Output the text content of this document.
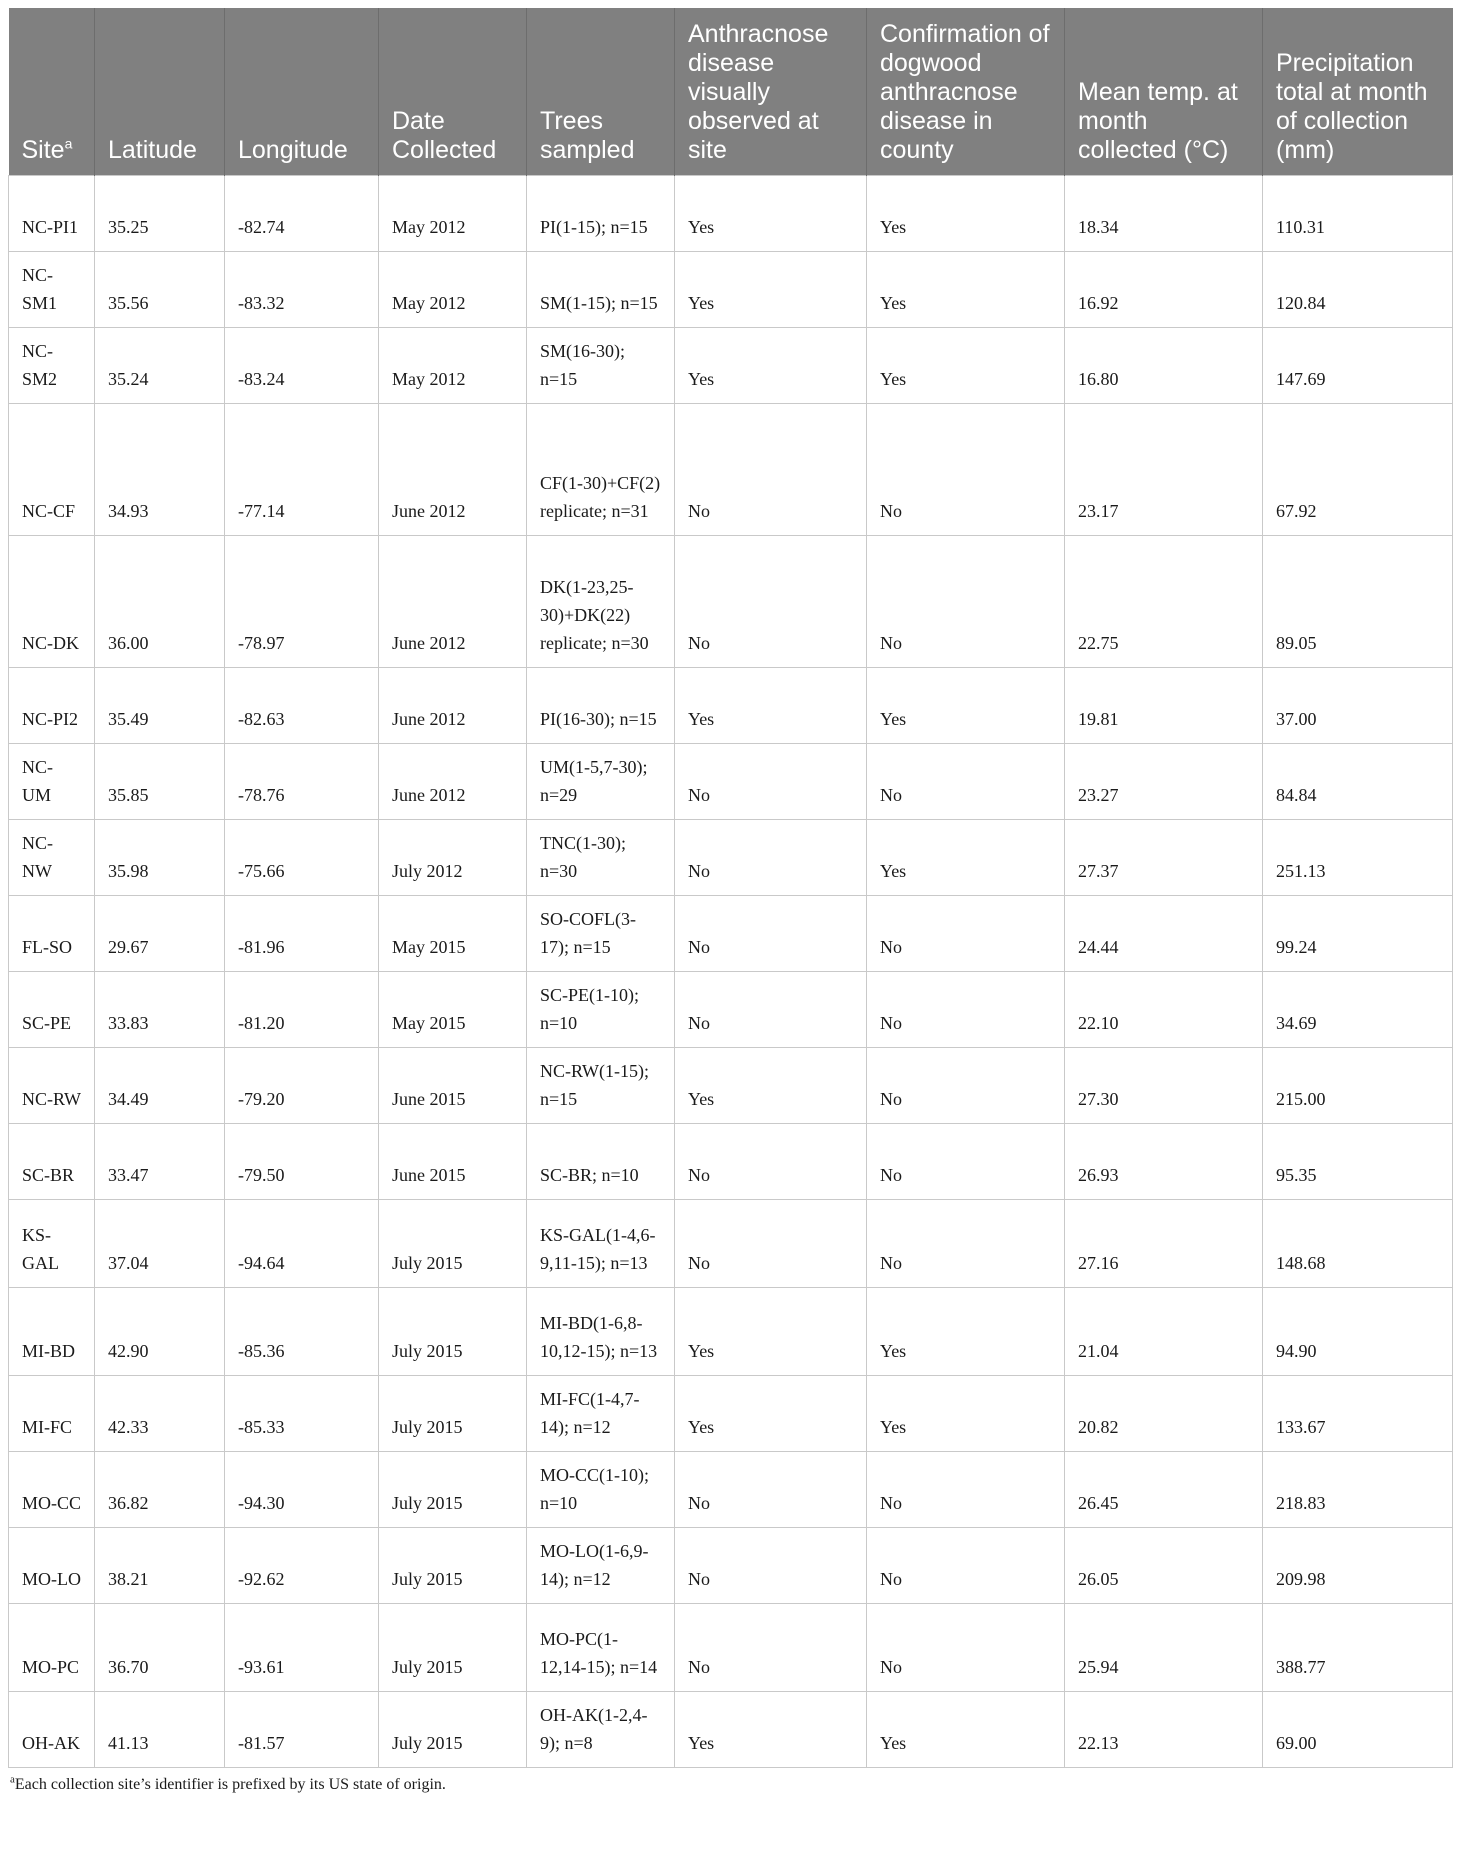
Site$^a$	Latitude	Longitude	Date Collected	Trees sampled	Anthracnose disease visually observed at site	Confirmation of dogwood anthracnose disease in county	Mean temp. at month collected (°C)	Precipitation total at month of collection (mm)
NC-PI1	35.25	-82.74	May 2012	PI(1-15); n=15	Yes	Yes	18.34	110.31
NC-SM1	35.56	-83.32	May 2012	SM(1-15); n=15	Yes	Yes	16.92	120.84
NC-SM2	35.24	-83.24	May 2012	SM(16-30); n=15	Yes	Yes	16.80	147.69
NC-CF	34.93	-77.14	June 2012	CF(1-30)+CF(2) replicate; n=31	No	No	23.17	67.92
NC-DK	36.00	-78.97	June 2012	DK(1-23,25-30)+DK(22) replicate; n=30	No	No	22.75	89.05
NC-PI2	35.49	-82.63	June 2012	PI(16-30); n=15	Yes	Yes	19.81	37.00
NC-UM	35.85	-78.76	June 2012	UM(1-5,7-30); n=29	No	No	23.27	84.84
NC-NW	35.98	-75.66	July 2012	TNC(1-30); n=30	No	Yes	27.37	251.13
FL-SO	29.67	-81.96	May 2015	SO-COFL(3-17); n=15	No	No	24.44	99.24
SC-PE	33.83	-81.20	May 2015	SC-PE(1-10); n=10	No	No	22.10	34.69
NC-RW	34.49	-79.20	June 2015	NC-RW(1-15); n=15	Yes	No	27.30	215.00
SC-BR	33.47	-79.50	June 2015	SC-BR; n=10	No	No	26.93	95.35
KS-GAL	37.04	-94.64	July 2015	KS-GAL(1-4,6-9,11-15); n=13	No	No	27.16	148.68
MI-BD	42.90	-85.36	July 2015	MI-BD(1-6,8-10,12-15); n=13	Yes	Yes	21.04	94.90
MI-FC	42.33	-85.33	July 2015	MI-FC(1-4,7-14); n=12	Yes	Yes	20.82	133.67
MO-CC	36.82	-94.30	July 2015	MO-CC(1-10); n=10	No	No	26.45	218.83
MO-LO	38.21	-92.62	July 2015	MO-LO(1-6,9-14); n=12	No	No	26.05	209.98
MO-PC	36.70	-93.61	July 2015	MO-PC(1-12,14-15); n=14	No	No	25.94	388.77
OH-AK	41.13	-81.57	July 2015	OH-AK(1-2,4-9); n=8	Yes	Yes	22.13	69.00
$^a$Each collection site’s identifier is prefixed by its US state of origin.
